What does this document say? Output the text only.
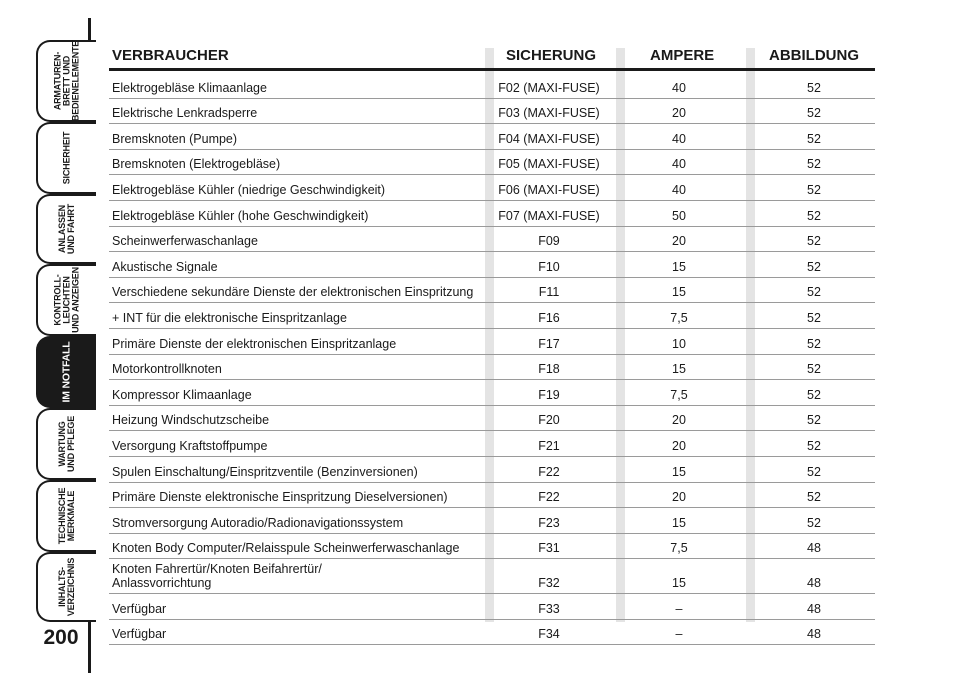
ARMATUREN-
BRETT UND
BEDIENELEMENTE
SICHERHEIT
ANLASSEN
UND FAHRT
KONTROLL-
LEUCHTEN
UND ANZEIGEN
IM NOTFALL
WARTUNG
UND PFLEGE
TECHNISCHE
MERKMALE
INHALTS-
VERZEICHNIS
200
VERBRAUCHER	SICHERUNG	AMPERE	ABBILDUNG
Elektrogebläse Klimaanlage	F02 (MAXI-FUSE)	40	52
Elektrische Lenkradsperre	F03 (MAXI-FUSE)	20	52
Bremsknoten (Pumpe)	F04 (MAXI-FUSE)	40	52
Bremsknoten (Elektrogebläse)	F05 (MAXI-FUSE)	40	52
Elektrogebläse Kühler (niedrige Geschwindigkeit)	F06 (MAXI-FUSE)	40	52
Elektrogebläse Kühler (hohe Geschwindigkeit)	F07 (MAXI-FUSE)	50	52
Scheinwerferwaschanlage	F09	20	52
Akustische Signale	F10	15	52
Verschiedene sekundäre Dienste der elektronischen Einspritzung	F11	15	52
+ INT für die elektronische Einspritzanlage	F16	7,5	52
Primäre Dienste der elektronischen Einspritzanlage	F17	10	52
Motorkontrollknoten	F18	15	52
Kompressor Klimaanlage	F19	7,5	52
Heizung Windschutzscheibe	F20	20	52
Versorgung Kraftstoffpumpe	F21	20	52
Spulen Einschaltung/Einspritzventile (Benzinversionen)	F22	15	52
Primäre Dienste elektronische Einspritzung Dieselversionen)	F22	20	52
Stromversorgung Autoradio/Radionavigationssystem	F23	15	52
Knoten Body Computer/Relaisspule Scheinwerferwaschanlage	F31	7,5	48
Knoten Fahrertür/Knoten Beifahrertür/
Anlassvorrichtung	F32	15	48
Verfügbar	F33	–	48
Verfügbar	F34	–	48
